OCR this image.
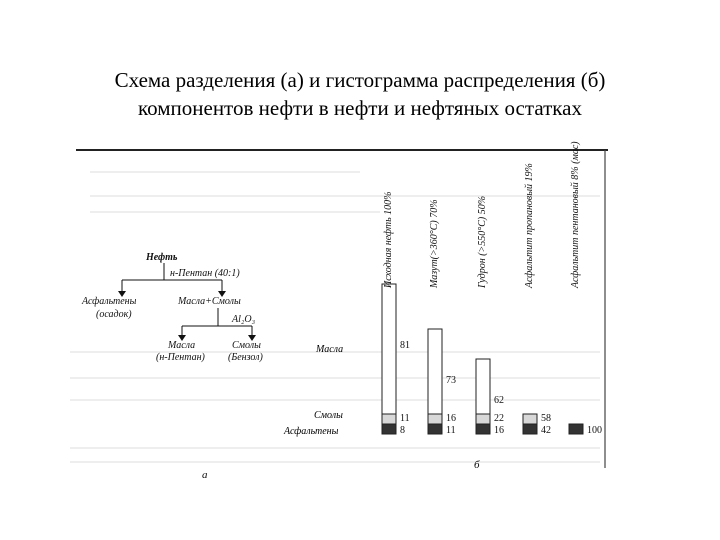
Схема разделения (а) и гистограмма распределения (б)
компонентов нефти в нефти и нефтяных остатках
Нефть
н-Пентан (40:1)
Асфальтены
(осадок)
Масла+Смолы
Al₂O₃
Масла
(н-Пентан)
Смолы
(Бензол)
а
Масла
Смолы
Асфальтены
б
8
11
81
Исходная нефть 100%
11
16
73
Мазут(>360°С) 70%
16
22
62
Гудрон (>550°С) 50%
42
58
Асфальтит пропановый 19%
100
Асфальтит пентановый 8% (мас)
